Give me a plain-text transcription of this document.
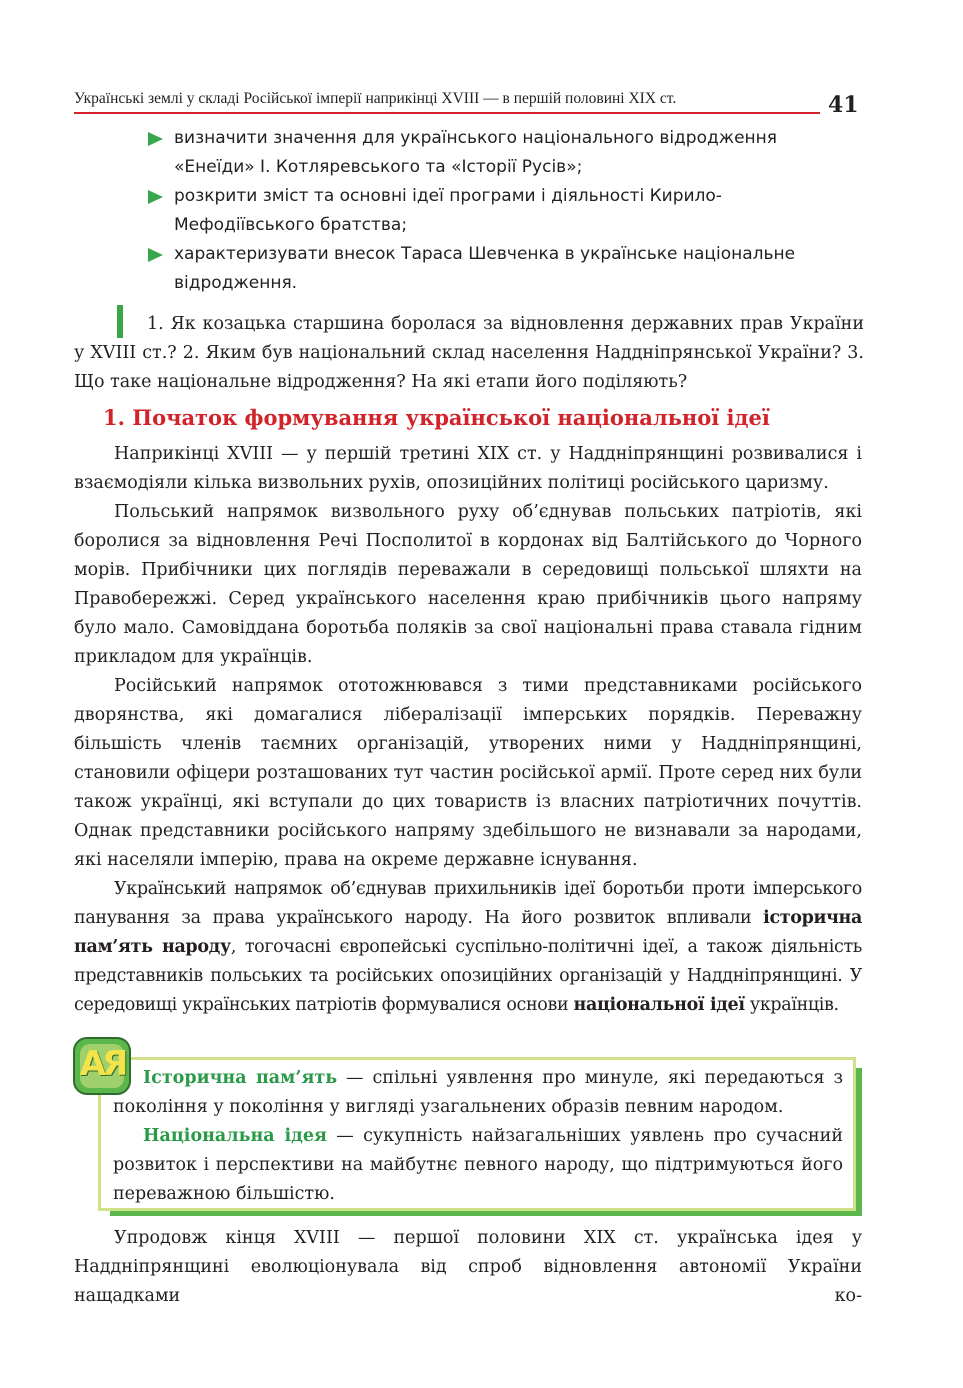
Українські землі у складі Російської імперії наприкінці XVIII — в першій половині XIX ст.	41
визначити значення для українського національного відродження «Енеїди» І. Котляревського та «Історії Русів»;
розкрити зміст та основні ідеї програми і діяльності Кирило-Мефодіївського братства;
характеризувати внесок Тараса Шевченка в українське національне відродження.

1. Як козацька старшина боролася за відновлення державних прав України у XVIII ст.? 2. Яким був національний склад населення Наддніпрянської України? 3. Що таке національне відродження? На які етапи його поділяють?

1. Початок формування української національної ідеї

Наприкінці XVIII — у першій третині XIX ст. у Наддніпрянщині розвивалися і взаємодіяли кілька визвольних рухів, опозиційних політиці російського царизму.

Польський напрямок визвольного руху об’єднував польських патріотів, які боролися за відновлення Речі Посполитої в кордонах від Балтійського до Чорного морів. Прибічники цих поглядів переважали в середовищі польської шляхти на Правобережжі. Серед українського населення краю прибічників цього напряму було мало. Самовіддана боротьба поляків за свої національні права ставала гідним прикладом для українців.

Російський напрямок ототожнювався з тими представниками російського дворянства, які домагалися лібералізації імперських порядків. Переважну більшість членів таємних організацій, утворених ними у Наддніпрянщині, становили офіцери розташованих тут частин російської армії. Проте серед них були також українці, які вступали до цих товариств із власних патріотичних почуттів. Однак представники російського напряму здебільшого не визнавали за народами, які населяли імперію, права на окреме державне існування.

Український напрямок об’єднував прихильників ідеї боротьби проти імперського панування за права українського народу. На його розвиток впливали історична пам’ять народу, тогочасні європейські суспільно-політичні ідеї, а також діяльність представників польських та російських опозиційних організацій у Наддніпрянщині. У середовищі українських патріотів формувалися основи національної ідеї українців.

Історична пам’ять — спільні уявлення про минуле, які передаються з покоління у покоління у вигляді узагальнених образів певним народом.

Національна ідея — сукупність найзагальніших уявлень про сучасний розвиток і перспективи на майбутнє певного народу, що підтримуються його переважною більшістю.

АЯ

Упродовж кінця XVIII — першої половини XIX ст. українська ідея у Наддніпрянщині еволюціонувала від спроб відновлення автономії України нащадками ко-
